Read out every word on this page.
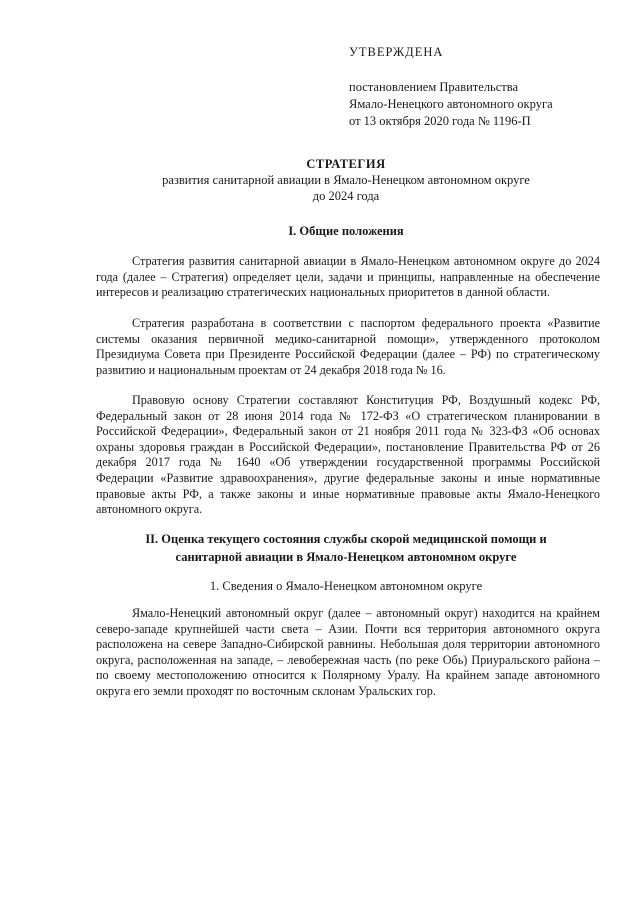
УТВЕРЖДЕНА
постановлением Правительства
Ямало-Ненецкого автономного округа
от 13 октября 2020 года № 1196-П
СТРАТЕГИЯ
развития санитарной авиации в Ямало-Ненецком автономном округе
до 2024 года
I. Общие положения

Стратегия развития санитарной авиации в Ямало-Ненецком автономном округе до 2024 года (далее – Стратегия) определяет цели, задачи и принципы, направленные на обеспечение интересов и реализацию стратегических национальных приоритетов в данной области.

Стратегия разработана в соответствии с паспортом федерального проекта «Развитие системы оказания первичной медико-санитарной помощи», утвержденного протоколом Президиума Совета при Президенте Российской Федерации (далее – РФ) по стратегическому развитию и национальным проектам от 24 декабря 2018 года № 16.

Правовую основу Стратегии составляют Конституция РФ, Воздушный кодекс РФ, Федеральный закон от 28 июня 2014 года № 172-ФЗ «О стратегическом планировании в Российской Федерации», Федеральный закон от 21 ноября 2011 года № 323-ФЗ «Об основах охраны здоровья граждан в Российской Федерации», постановление Правительства РФ от 26 декабря 2017 года № 1640 «Об утверждении государственной программы Российской Федерации «Развитие здравоохранения», другие федеральные законы и иные нормативные правовые акты РФ, а также законы и иные нормативные правовые акты Ямало-Ненецкого автономного округа.

II. Оценка текущего состояния службы скорой медицинской помощи и
санитарной авиации в Ямало-Ненецком автономном округе
1. Сведения о Ямало-Ненецком автономном округе

Ямало-Ненецкий автономный округ (далее – автономный округ) находится на крайнем северо-западе крупнейшей части света – Азии. Почти вся территория автономного округа расположена на севере Западно-Сибирской равнины. Небольшая доля территории автономного округа, расположенная на западе, – левобережная часть (по реке Обь) Приуральского района – по своему местоположению относится к Полярному Уралу. На крайнем западе автономного округа его земли проходят по восточным склонам Уральских гор.
